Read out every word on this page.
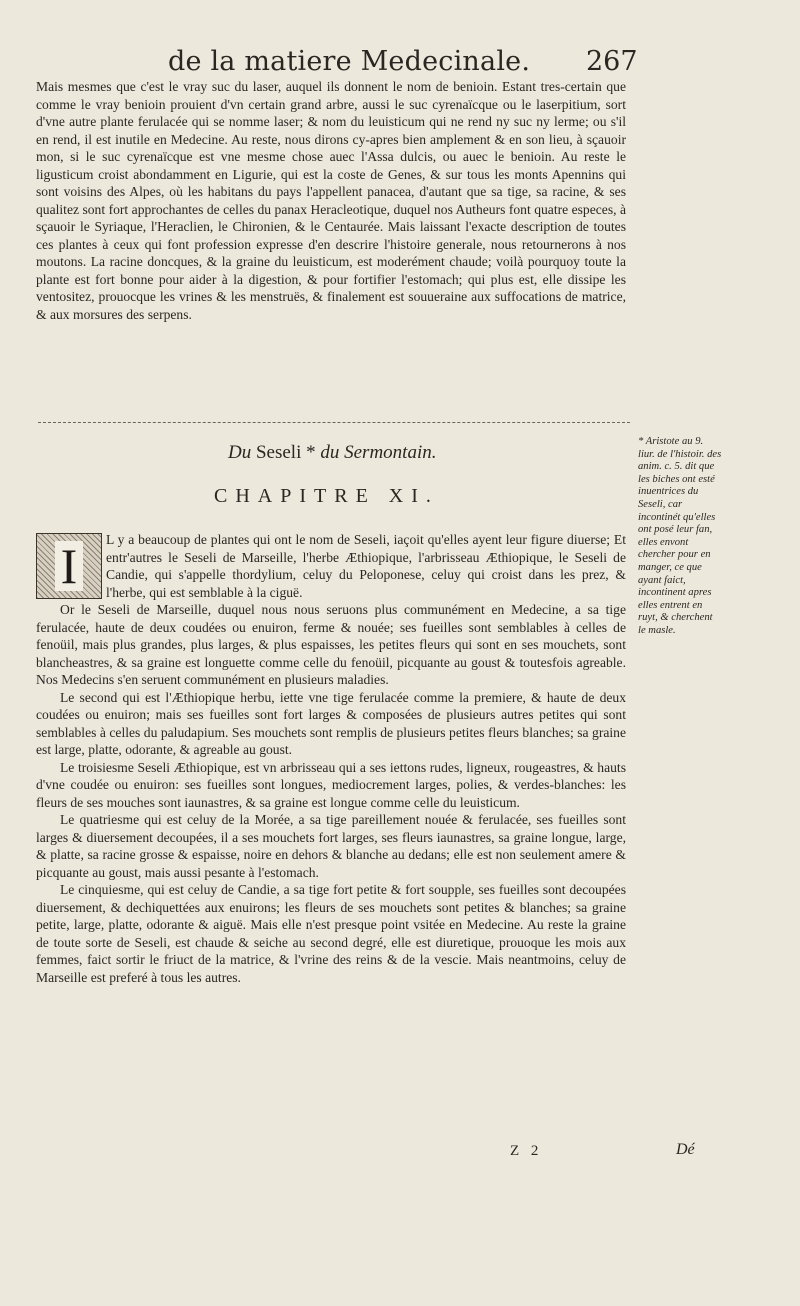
de la matiere Medecinale.	267

Mais mesmes que c'est le vray suc du laser, auquel ils donnent le nom de benioin. Estant tres-certain que comme le vray benioin prouient d'vn certain grand arbre, aussi le suc cyrenaïcque ou le laserpitium, sort d'vne autre plante ferulacée qui se nomme laser; & nom du leuisticum qui ne rend ny suc ny lerme; ou s'il en rend, il est inutile en Medecine. Au reste, nous dirons cy-apres bien amplement & en son lieu, à sçauoir mon, si le suc cyrenaïcque est vne mesme chose auec l'Assa dulcis, ou auec le benioin. Au reste le ligusticum croist abondamment en Ligurie, qui est la coste de Genes, & sur tous les monts Apennins qui sont voisins des Alpes, où les habitans du pays l'appellent panacea, d'autant que sa tige, sa racine, & ses qualitez sont fort approchantes de celles du panax Heracleotique, duquel nos Autheurs font quatre especes, à sçauoir le Syriaque, l'Heraclien, le Chironien, & le Centaurée. Mais laissant l'exacte description de toutes ces plantes à ceux qui font profession expresse d'en descrire l'histoire generale, nous retournerons à nos moutons. La racine doncques, & la graine du leuisticum, est moderément chaude; voilà pourquoy toute la plante est fort bonne pour aider à la digestion, & pour fortifier l'estomach; qui plus est, elle dissipe les ventositez, prouocque les vrines & les menstruës, & finalement est souueraine aux suffocations de matrice, & aux morsures des serpens.

Du Seseli * du Sermontain.
CHAPITRE XI.
I	L y a beaucoup de plantes qui ont le nom de Seseli, iaçoit qu'elles ayent leur figure diuerse; Et entr'autres le Seseli de Marseille, l'herbe Æthiopique, l'arbrisseau Æthiopique, le Seseli de Candie, qui s'appelle thordylium, celuy du Peloponese, celuy qui croist dans les prez, & l'herbe, qui est semblable à la ciguë.

Or le Seseli de Marseille, duquel nous nous seruons plus communément en Medecine, a sa tige ferulacée, haute de deux coudées ou enuiron, ferme & nouée; ses fueilles sont semblables à celles de fenoüil, mais plus grandes, plus larges, & plus espaisses, les petites fleurs qui sont en ses mouchets, sont blancheastres, & sa graine est longuette comme celle du fenoüil, picquante au goust & toutesfois agreable. Nos Medecins s'en seruent communément en plusieurs maladies.

Le second qui est l'Æthiopique herbu, iette vne tige ferulacée comme la premiere, & haute de deux coudées ou enuiron; mais ses fueilles sont fort larges & composées de plusieurs autres petites qui sont semblables à celles du paludapium. Ses mouchets sont remplis de plusieurs petites fleurs blanches; sa graine est large, platte, odorante, & agreable au goust.

Le troisiesme Seseli Æthiopique, est vn arbrisseau qui a ses iettons rudes, ligneux, rougeastres, & hauts d'vne coudée ou enuiron: ses fueilles sont longues, mediocrement larges, polies, & verdes-blanches: les fleurs de ses mouches sont iaunastres, & sa graine est longue comme celle du leuisticum.

Le quatriesme qui est celuy de la Morée, a sa tige pareillement nouée & ferulacée, ses fueilles sont larges & diuersement decoupées, il a ses mouchets fort larges, ses fleurs iaunastres, sa graine longue, large, & platte, sa racine grosse & espaisse, noire en dehors & blanche au dedans; elle est non seulement amere & picquante au goust, mais aussi pesante à l'estomach.

Le cinquiesme, qui est celuy de Candie, a sa tige fort petite & fort soupple, ses fueilles sont decoupées diuersement, & dechiquettées aux enuirons; les fleurs de ses mouchets sont petites & blanches; sa graine petite, large, platte, odorante & aiguë. Mais elle n'est presque point vsitée en Medecine. Au reste la graine de toute sorte de Seseli, est chaude & seiche au second degré, elle est diuretique, prouoque les mois aux femmes, faict sortir le friuct de la matrice, & l'vrine des reins & de la vescie. Mais neantmoins, celuy de Marseille est preferé à tous les autres.

* Aristote au 9. liur. de l'histoir. des anim. c. 5. dit que les biches ont esté inuentrices du Seseli, car incontinét qu'elles ont posé leur fan, elles envont chercher pour en manger, ce que ayant faict, incontinent apres elles entrent en ruyt, & cherchent le masle.
Z 2	Dé
